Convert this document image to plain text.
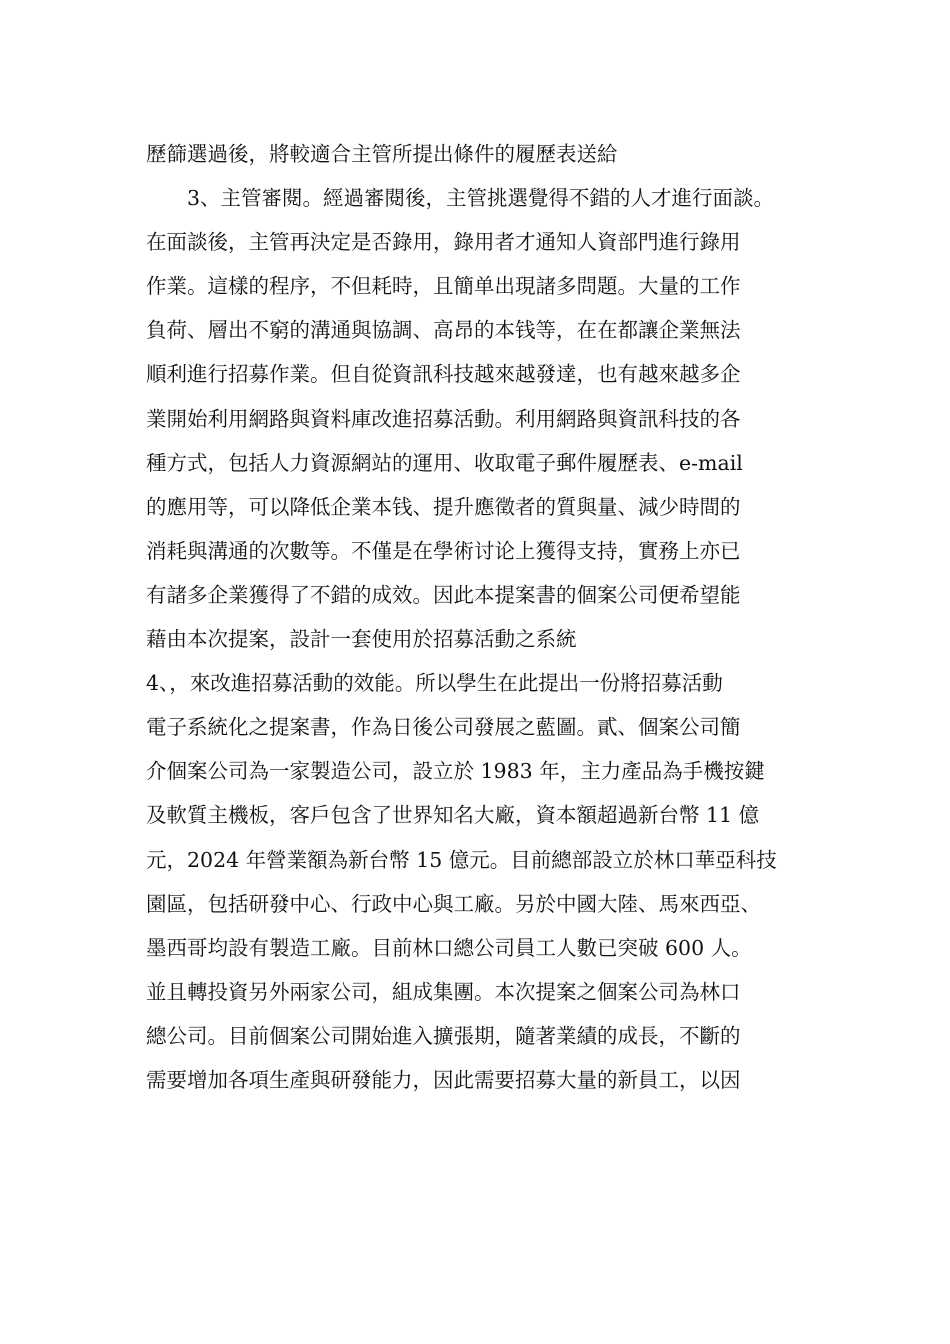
歷篩選過後，將較適合主管所提出條件的履歷表送給
　　3、主管審閱。經過審閱後，主管挑選覺得不錯的人才進行面談。
在面談後，主管再決定是否錄用，錄用者才通知人資部門進行錄用
作業。這樣的程序，不但耗時，且簡单出現諸多問題。大量的工作
負荷、層出不窮的溝通與協調、高昂的本钱等，在在都讓企業無法
順利進行招募作業。但自從資訊科技越來越發達，也有越來越多企
業開始利用網路與資料庫改進招募活動。利用網路與資訊科技的各
種方式，包括人力資源網站的運用、收取電子郵件履歷表、e-mail
的應用等，可以降低企業本钱、提升應徵者的質與量、減少時間的
消耗與溝通的次數等。不僅是在學術讨论上獲得支持，實務上亦已
有諸多企業獲得了不錯的成效。因此本提案書的個案公司便希望能
藉由本次提案，設計一套使用於招募活動之系統
4、，來改進招募活動的效能。所以學生在此提出一份將招募活動
電子系統化之提案書，作為日後公司發展之藍圖。貳、個案公司簡
介個案公司為一家製造公司，設立於 1983 年，主力產品為手機按鍵
及軟質主機板，客戶包含了世界知名大廠，資本額超過新台幣 11 億
元，2024 年營業額為新台幣 15 億元。目前總部設立於林口華亞科技
園區，包括研發中心、行政中心與工廠。另於中國大陸、馬來西亞、
墨西哥均設有製造工廠。目前林口總公司員工人數已突破 600 人。
並且轉投資另外兩家公司，組成集團。本次提案之個案公司為林口
總公司。目前個案公司開始進入擴張期，隨著業績的成長，不斷的
需要增加各項生產與研發能力，因此需要招募大量的新員工，以因
